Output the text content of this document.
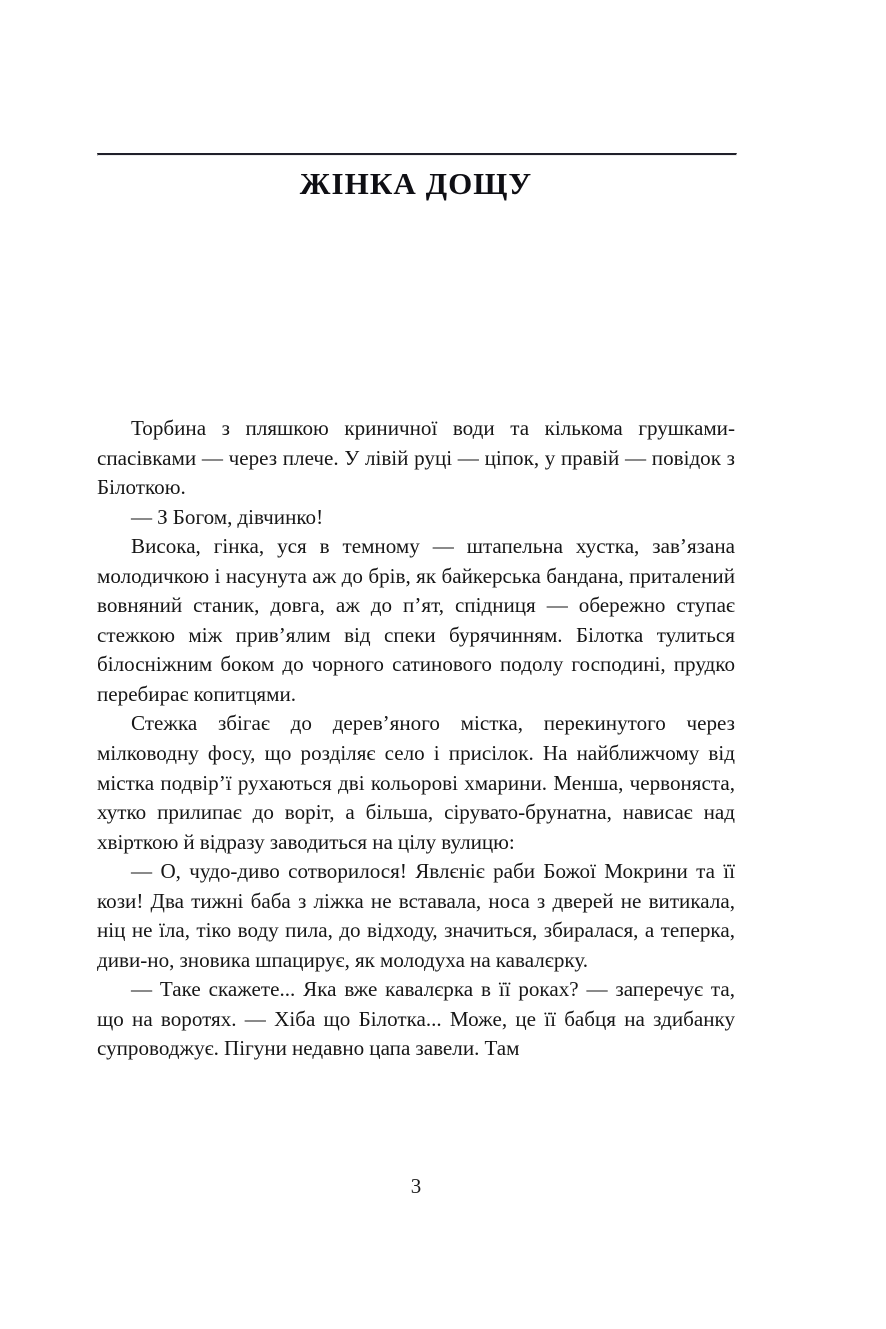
ЖІНКА ДОЩУ

Торбина з пляшкою криничної води та кількома грушками-спасівками — через плече. У лівій руці — ціпок, у правій — повідок з Білоткою.

— З Богом, дівчинко!

Висока, гінка, уся в темному — штапельна хустка, зав’язана молодичкою і насунута аж до брів, як байкерська бандана, приталений вовняний станик, довга, аж до п’ят, спідниця — обережно ступає стежкою між прив’ялим від спеки бурячинням. Білотка тулиться білосніжним боком до чорного сатинового подолу господині, прудко перебирає копитцями.

Стежка збігає до дерев’яного містка, перекинутого через мілководну фосу, що розділяє село і присілок. На найближчому від містка подвір’ї рухаються дві кольорові хмарини. Менша, червоняста, хутко прилипає до воріт, а більша, сірувато-брунатна, нависає над хвірткою й відразу заводиться на цілу вулицю:

— О, чудо-диво сотворилося! Явлєніє раби Божої Мокрини та її кози! Два тижні баба з ліжка не вставала, носа з дверей не витикала, ніц не їла, тіко воду пила, до відходу, значиться, збиралася, а теперка, диви-но, зновика шпацирує, як молодуха на кавалєрку.

— Таке скажете... Яка вже кавалєрка в її роках? — заперечує та, що на воротях. — Хіба що Білотка... Може, це її бабця на здибанку супроводжує. Пігуни недавно цапа завели. Там

3
